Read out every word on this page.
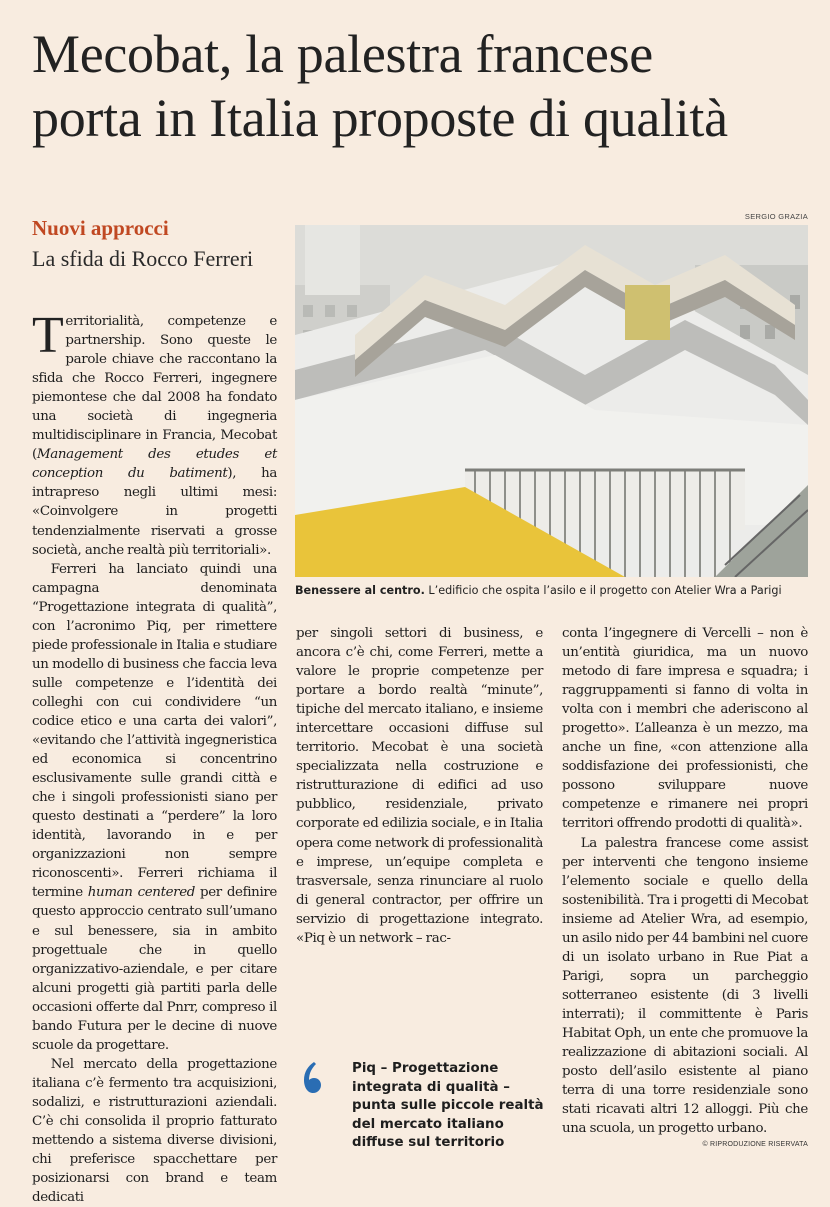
Mecobat, la palestra francese
porta in Italia proposte di qualità
Nuovi approcci
La sfida di Rocco Ferreri
SERGIO GRAZIA
Benessere al centro. L’edificio che ospita l’asilo e il progetto con Atelier Wra a Parigi

Territorialità, competenze e partnership. Sono queste le parole chiave che raccontano la sfida che Rocco Ferreri, ingegnere piemontese che dal 2008 ha fondato una società di ingegneria multidisciplinare in Francia, Mecobat (Management des etudes et conception du batiment), ha intrapreso negli ultimi mesi: «Coinvolgere in progetti tendenzialmente riservati a grosse società, anche realtà più territoriali».

Ferreri ha lanciato quindi una campagna denominata “Progettazione integrata di qualità”, con l’acronimo Piq, per rimettere piede professionale in Italia e studiare un modello di business che faccia leva sulle competenze e l’identità dei colleghi con cui condividere “un codice etico e una carta dei valori”, «evitando che l’attività ingegneristica ed economica si concentrino esclusivamente sulle grandi città e che i singoli professionisti siano per questo destinati a “perdere” la loro identità, lavorando in e per organizzazioni non sempre riconoscenti». Ferreri richiama il termine human centered per definire questo approccio centrato sull’umano e sul benessere, sia in ambito progettuale che in quello organizzativo-aziendale, e per citare alcuni progetti già partiti parla delle occasioni offerte dal Pnrr, compreso il bando Futura per le decine di nuove scuole da progettare.

Nel mercato della progettazione italiana c’è fermento tra acquisizioni, sodalizi, e ristrutturazioni aziendali. C’è chi consolida il proprio fatturato mettendo a sistema diverse divisioni, chi preferisce spacchettare per posizionarsi con brand e team dedicati

per singoli settori di business, e ancora c’è chi, come Ferreri, mette a valore le proprie competenze per portare a bordo realtà “minute”, tipiche del mercato italiano, e insieme intercettare occasioni diffuse sul territorio. Mecobat è una società specializzata nella costruzione e ristrutturazione di edifici ad uso pubblico, residenziale, privato corporate ed edilizia sociale, e in Italia opera come network di professionalità e imprese, un’equipe completa e trasversale, senza rinunciare al ruolo di general contractor, per offrire un servizio di progettazione integrato. «Piq è un network – rac-

conta l’ingegnere di Vercelli – non è un’entità giuridica, ma un nuovo metodo di fare impresa e squadra; i raggruppamenti si fanno di volta in volta con i membri che aderiscono al progetto». L’alleanza è un mezzo, ma anche un fine, «con attenzione alla soddisfazione dei professionisti, che possono sviluppare nuove competenze e rimanere nei propri territori offrendo prodotti di qualità».

La palestra francese come assist per interventi che tengono insieme l’elemento sociale e quello della sostenibilità. Tra i progetti di Mecobat insieme ad Atelier Wra, ad esempio, un asilo nido per 44 bambini nel cuore di un isolato urbano in Rue Piat a Parigi, sopra un parcheggio sotterraneo esistente (di 3 livelli interrati); il committente è Paris Habitat Oph, un ente che promuove la realizzazione di abitazioni sociali. Al posto dell’asilo esistente al piano terra di una torre residenziale sono stati ricavati altri 12 alloggi. Più che una scuola, un progetto urbano.

Piq – Progettazione integrata di qualità – punta sulle piccole realtà del mercato italiano diffuse sul territorio	© RIPRODUZIONE RISERVATA
